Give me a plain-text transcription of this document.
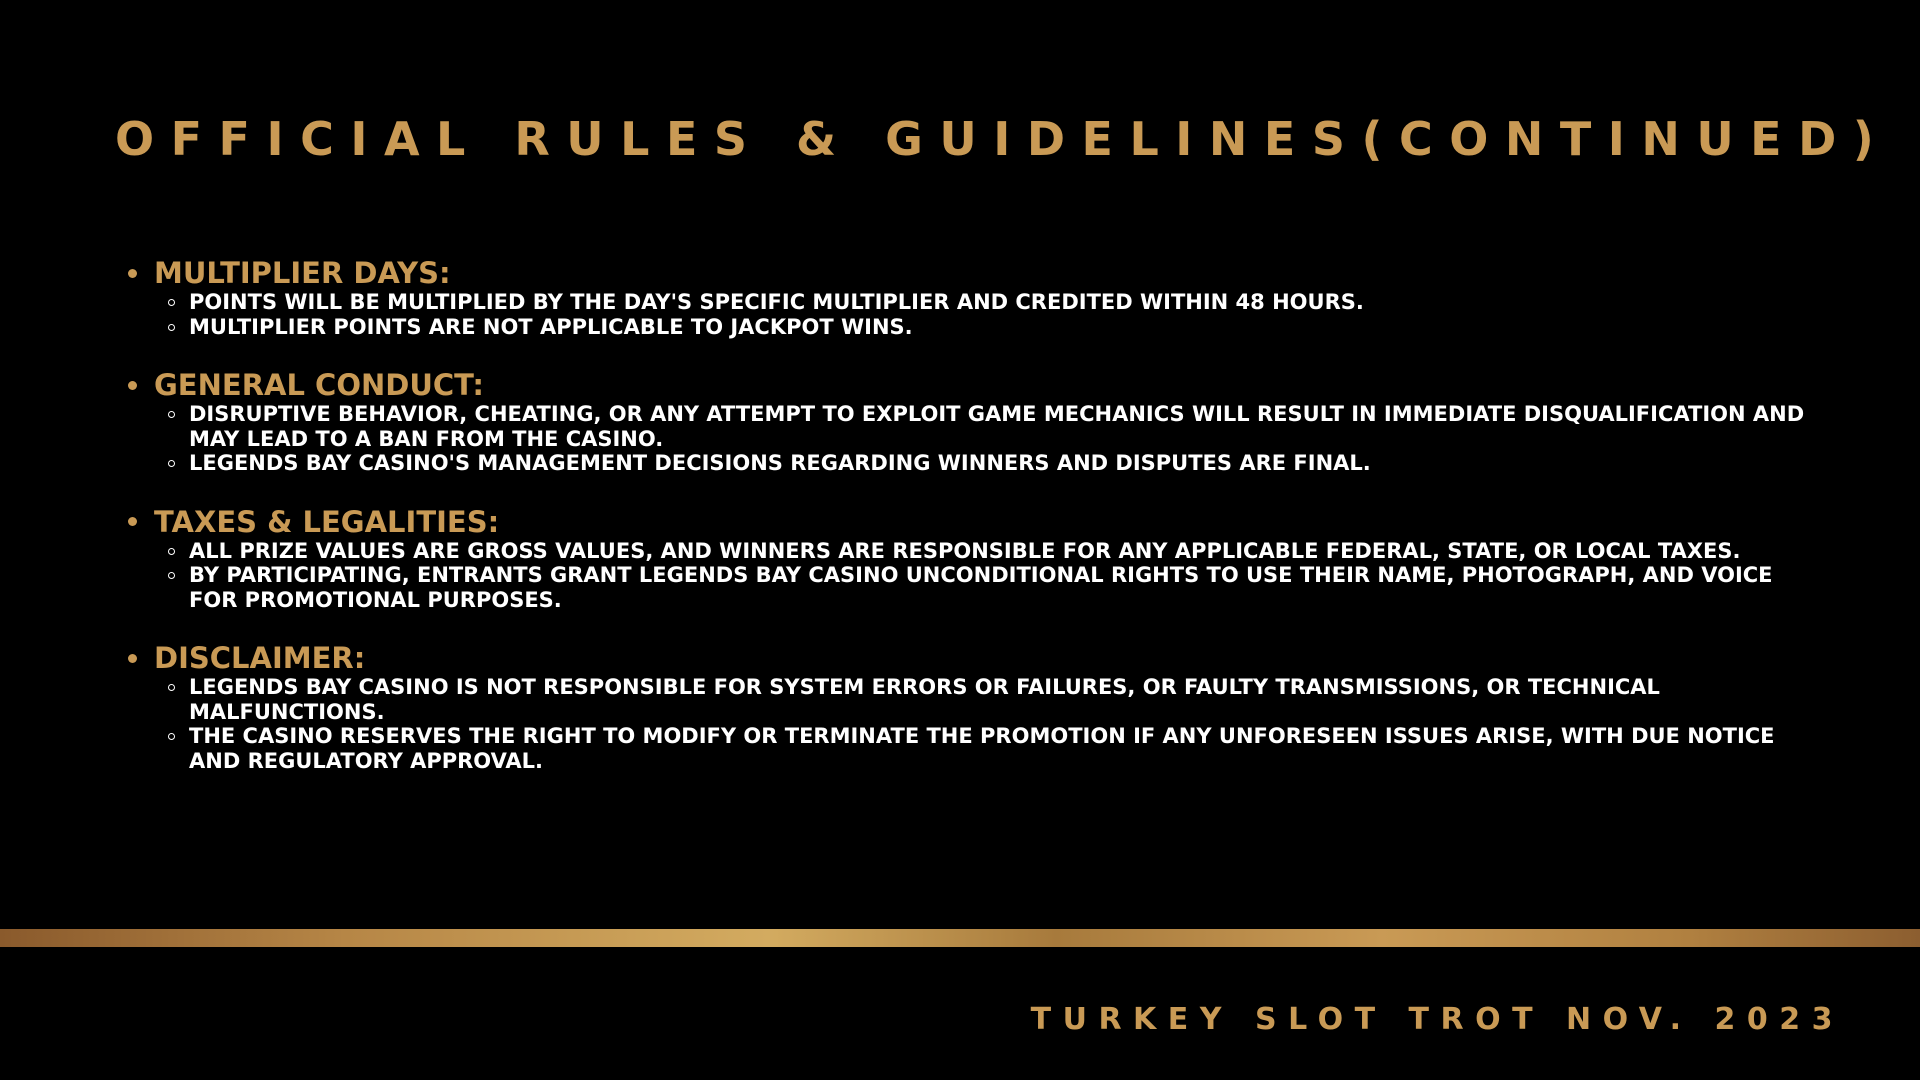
OFFICIAL RULES & GUIDELINES(CONTINUED)
MULTIPLIER DAYS:
POINTS WILL BE MULTIPLIED BY THE DAY'S SPECIFIC MULTIPLIER AND CREDITED WITHIN 48 HOURS.
MULTIPLIER POINTS ARE NOT APPLICABLE TO JACKPOT WINS.
GENERAL CONDUCT:
DISRUPTIVE BEHAVIOR, CHEATING, OR ANY ATTEMPT TO EXPLOIT GAME MECHANICS WILL RESULT IN IMMEDIATE DISQUALIFICATION AND MAY LEAD TO A BAN FROM THE CASINO.
LEGENDS BAY CASINO'S MANAGEMENT DECISIONS REGARDING WINNERS AND DISPUTES ARE FINAL.
TAXES & LEGALITIES:
ALL PRIZE VALUES ARE GROSS VALUES, AND WINNERS ARE RESPONSIBLE FOR ANY APPLICABLE FEDERAL, STATE, OR LOCAL TAXES.
BY PARTICIPATING, ENTRANTS GRANT LEGENDS BAY CASINO UNCONDITIONAL RIGHTS TO USE THEIR NAME, PHOTOGRAPH, AND VOICE FOR PROMOTIONAL PURPOSES.
DISCLAIMER:
LEGENDS BAY CASINO IS NOT RESPONSIBLE FOR SYSTEM ERRORS OR FAILURES, OR FAULTY TRANSMISSIONS, OR TECHNICAL MALFUNCTIONS.
THE CASINO RESERVES THE RIGHT TO MODIFY OR TERMINATE THE PROMOTION IF ANY UNFORESEEN ISSUES ARISE, WITH DUE NOTICE AND REGULATORY APPROVAL.

TURKEY SLOT TROT NOV. 2023
